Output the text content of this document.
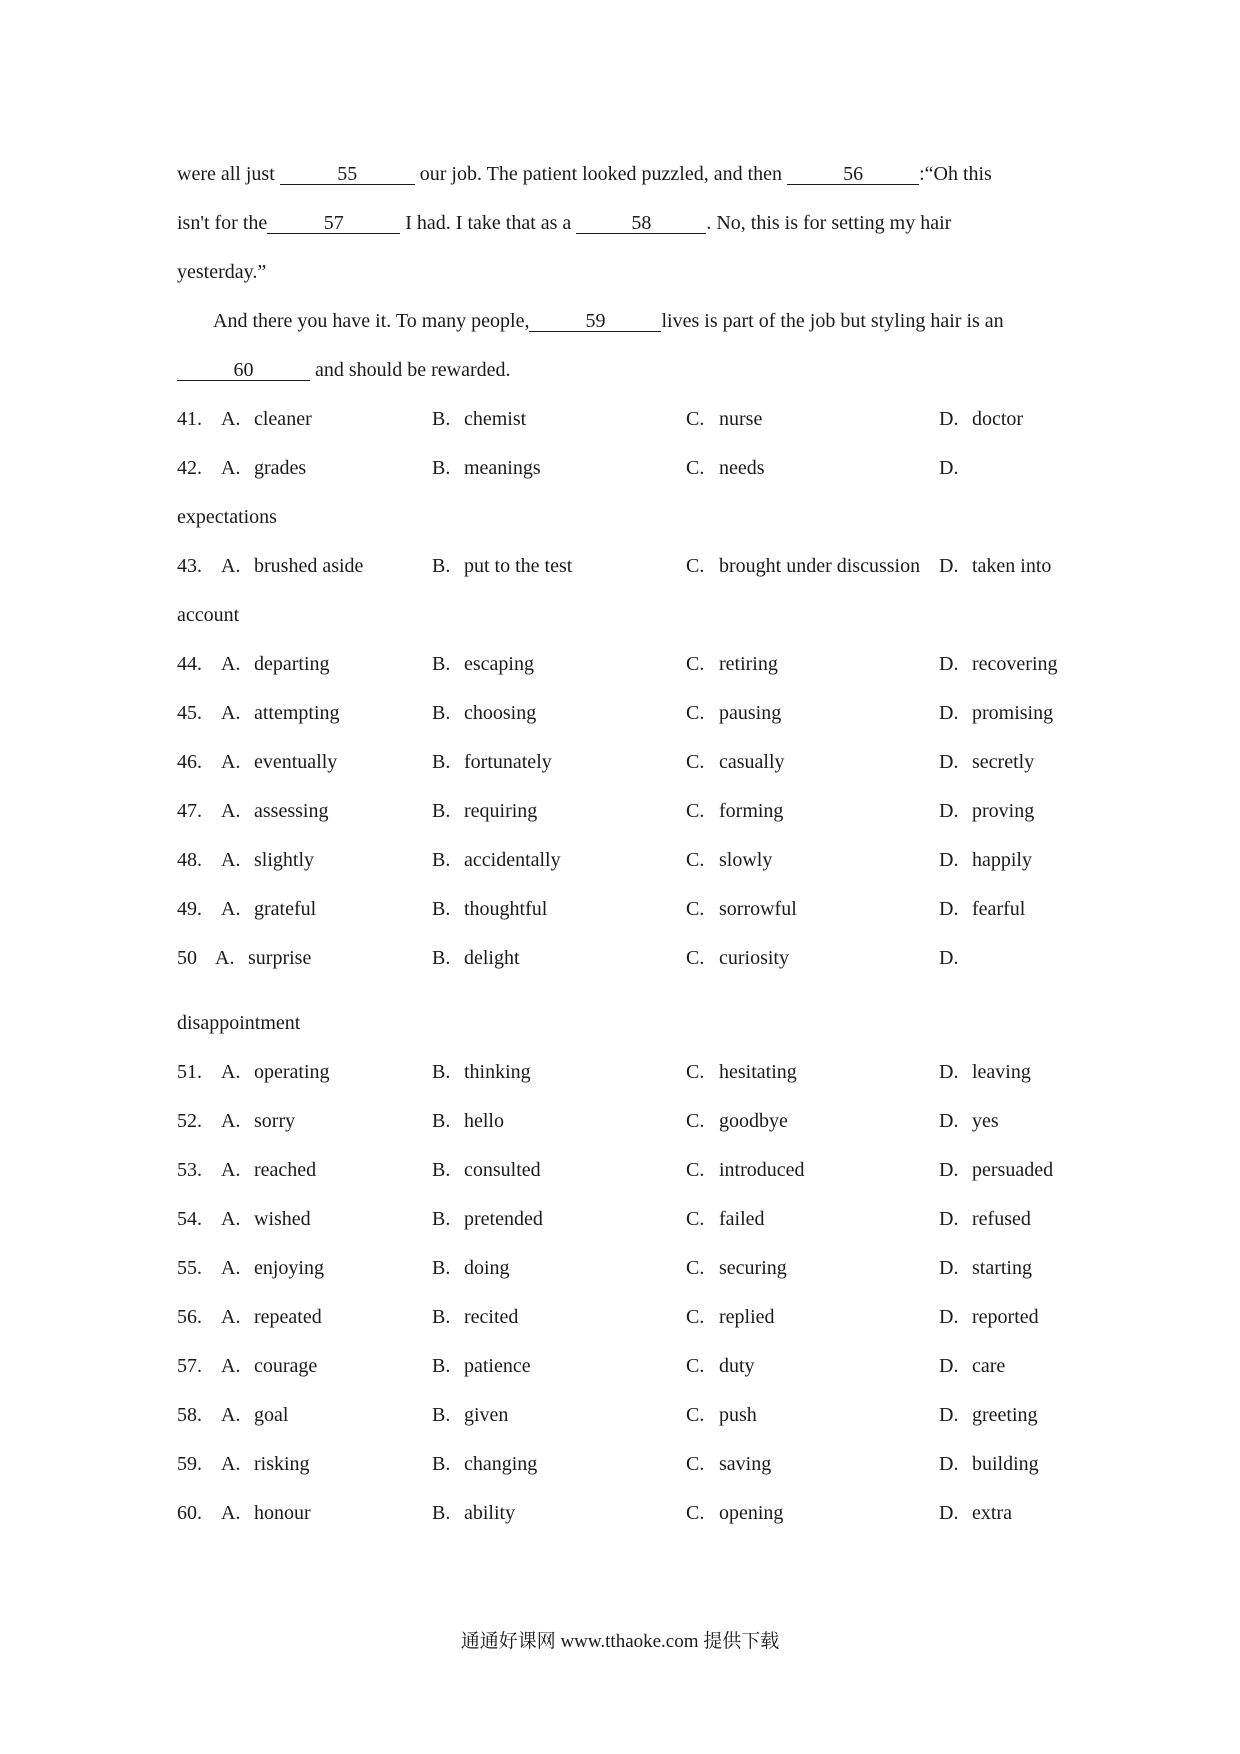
were all just	55	our job. The patient looked puzzled, and then	56	:“Oh this
isn't for the	57	I had. I take that as a	58	. No, this is for setting my hair
yesterday.”
And there you have it. To many people,	59	lives is part of the job but styling hair is an
60	and should be rewarded.
41. A. cleaner	B. chemist	C. nurse	D. doctor
42. A. grades	B. meanings	C. needs	D.
expectations
43. A. brushed aside	B. put to the test	C. brought under discussion D. taken into
account
44. A. departing	B. escaping	C. retiring	D. recovering
45. A. attempting	B. choosing	C. pausing	D. promising
46. A. eventually	B. fortunately	C. casually	D. secretly
47. A. assessing	B. requiring	C. forming	D. proving
48. A. slightly	B. accidentally	C. slowly	D. happily
49. A. grateful	B. thoughtful	C. sorrowful	D. fearful
50 A. surprise	B. delight	C. curiosity	D.
disappointment
51. A. operating	B. thinking	C. hesitating	D. leaving
52. A. sorry	B. hello	C. goodbye	D. yes
53. A. reached	B. consulted	C. introduced	D. persuaded
54. A. wished	B. pretended	C. failed	D. refused
55. A. enjoying	B. doing	C. securing	D. starting
56. A. repeated	B. recited	C. replied	D. reported
57. A. courage	B. patience	C. duty	D. care
58. A. goal	B. given	C. push	D. greeting
59. A. risking	B. changing	C. saving	D. building
60. A. honour	B. ability	C. opening	D. extra
通通好课网 www.tthaoke.com 提供下载
